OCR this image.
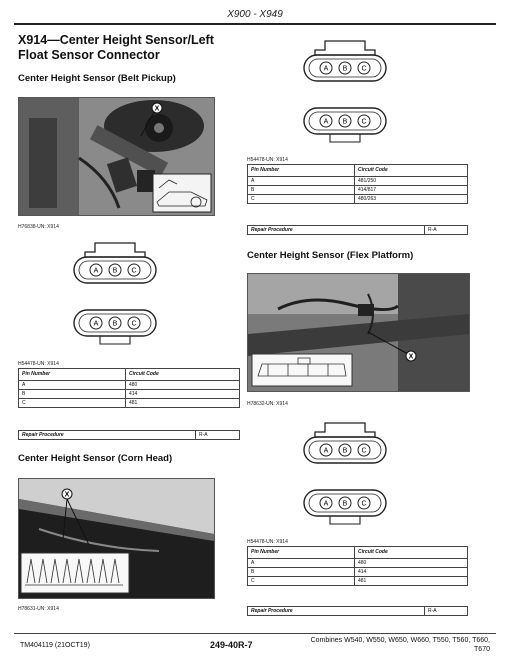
X900 - X949
TM404119 (21OCT19)	249-40R-7	Combines W540, W550, W650, W660, T550, T560, T660,
T670
X914—Center Height Sensor/Left Float Sensor Connector
Center Height Sensor (Belt Pickup)
X
H76838-UN: X914
A B C
A B C
H54478-UN: X914
Pin Number	Circuit Code
A	480
B	414
C	481
Repair Procedure	R-A
Center Height Sensor (Corn Head)
X
H78631-UN: X914
A B C
A B C
H54478-UN: X914
Pin Number	Circuit Code
A	481/250
B	414/817
C	480/263
Repair Procedure	R-A
Center Height Sensor (Flex Platform)
X
H78632-UN: X914
A B C
A B C
H54478-UN: X914
Pin Number	Circuit Code
A	480
B	414
C	481
Repair Procedure	R-A
